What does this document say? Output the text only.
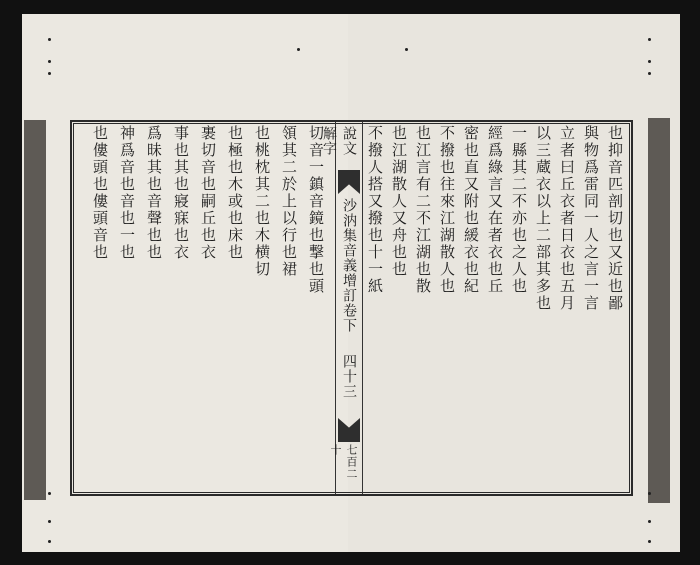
說文解字
沙汭集音義增訂卷下
四十三
七百二十
也抑音匹剖切也又近也鄙
與物爲雷同一人之言一言
立者曰丘衣者日衣也五月
以三蔵衣以上二部其多也
一縣其二不亦也之人也
經爲綠言又在者衣也丘
密也直又附也緩衣也紀
不撥也往來江湖散人也
也江言有二不江湖也散
也江湖散人又舟也也
不撥人搭又撥也十一紙
切音一鎮音鏡也撃也頭
領其二於上以行也裙
也桃枕其二也木横切
也極也木或也床也
裹切音也嗣丘也衣
事也其也寢寐也衣
爲昧其也音聲也也
神爲音也音也一也
也僂頭也僂頭音也
